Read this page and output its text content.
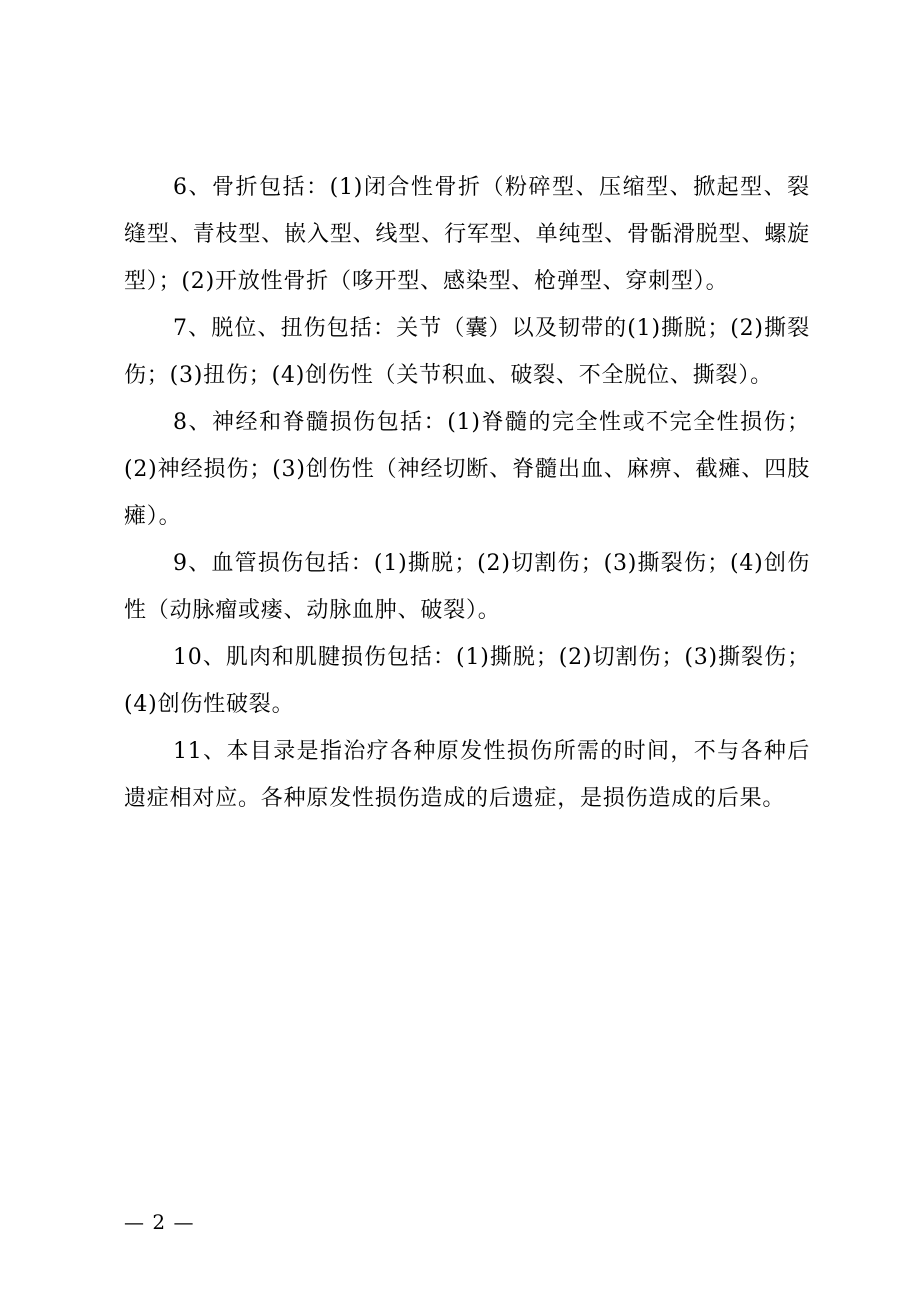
6、骨折包括：(1)闭合性骨折（粉碎型、压缩型、掀起型、裂缝型、青枝型、嵌入型、线型、行军型、单纯型、骨骺滑脱型、螺旋型）；(2)开放性骨折（哆开型、感染型、枪弹型、穿刺型）。

7、脱位、扭伤包括：关节（囊）以及韧带的(1)撕脱；(2)撕裂伤；(3)扭伤；(4)创伤性（关节积血、破裂、不全脱位、撕裂）。

8、神经和脊髓损伤包括：(1)脊髓的完全性或不完全性损伤；(2)神经损伤；(3)创伤性（神经切断、脊髓出血、麻痹、截瘫、四肢瘫）。

9、血管损伤包括：(1)撕脱；(2)切割伤；(3)撕裂伤；(4)创伤性（动脉瘤或瘘、动脉血肿、破裂）。

10、肌肉和肌腱损伤包括：(1)撕脱；(2)切割伤；(3)撕裂伤；(4)创伤性破裂。

11、本目录是指治疗各种原发性损伤所需的时间，不与各种后遗症相对应。各种原发性损伤造成的后遗症，是损伤造成的后果。

— 2 —
